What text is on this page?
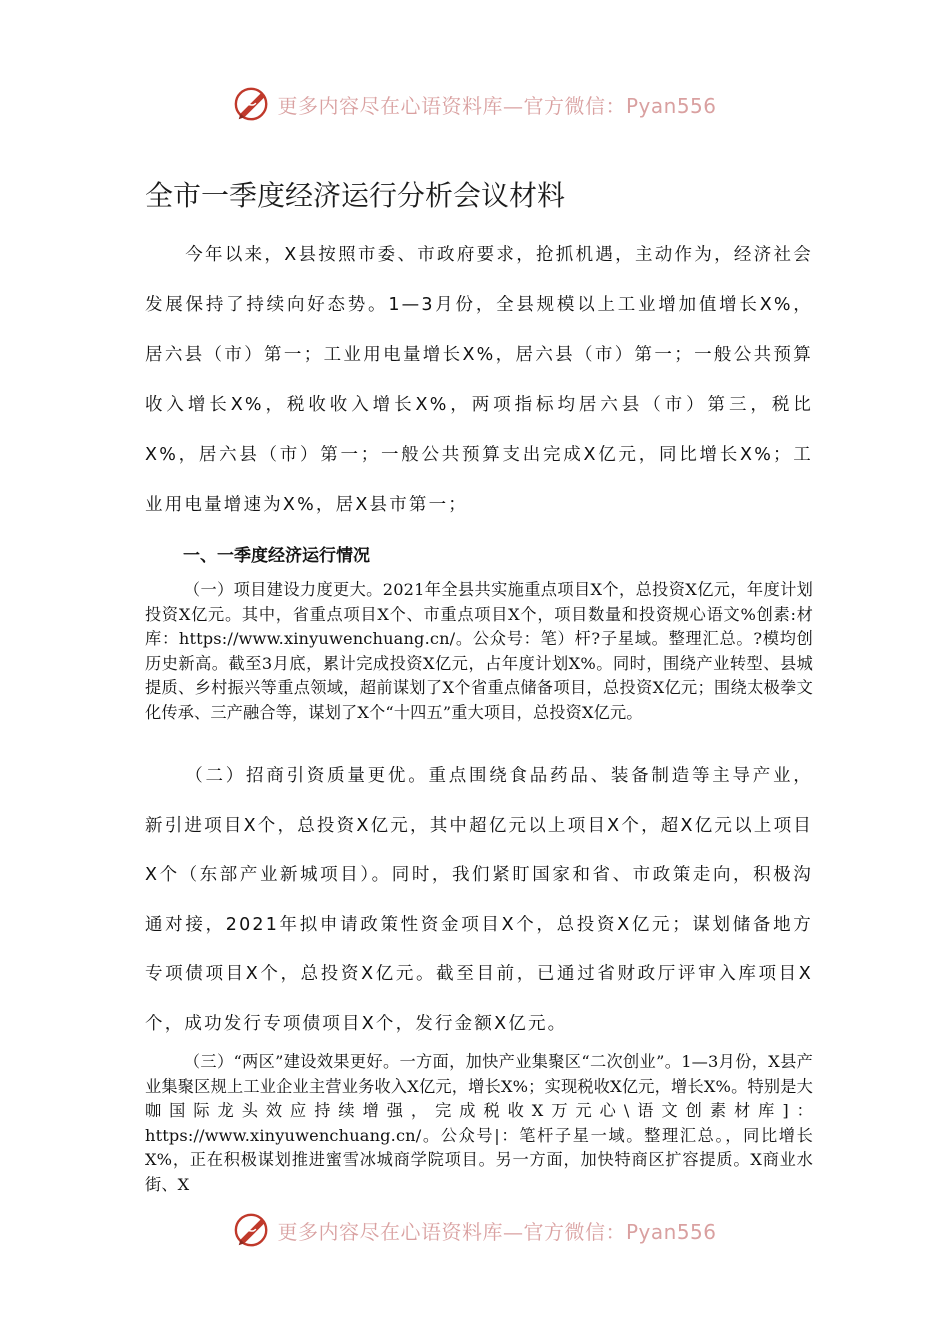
更多内容尽在心语资料库—官方微信：Pyan556
全市一季度经济运行分析会议材料

今年以来，X县按照市委、市政府要求，抢抓机遇，主动作为，经济社会发展保持了持续向好态势。1—3月份，全县规模以上工业增加值增长X%，居六县（市）第一；工业用电量增长X%，居六县（市）第一；一般公共预算收入增长X%，税收收入增长X%，两项指标均居六县（市）第三，税比X%，居六县（市）第一；一般公共预算支出完成X亿元，同比增长X%；工业用电量增速为X%，居X县市第一；

一、一季度经济运行情况

（一）项目建设力度更大。2021年全县共实施重点项目X个，总投资X亿元，年度计划投资X亿元。其中，省重点项目X个、市重点项目X个，项目数量和投资规心语文%创素:材库：https://www.xinyuwenchuang.cn/。公众号：笔）杆?子星域。整理汇总。?模均创历史新高。截至3月底，累计完成投资X亿元，占年度计划X%。同时，围绕产业转型、县城提质、乡村振兴等重点领域，超前谋划了X个省重点储备项目，总投资X亿元；围绕太极拳文化传承、三产融合等，谋划了X个“十四五”重大项目，总投资X亿元。

（二）招商引资质量更优。重点围绕食品药品、装备制造等主导产业，新引进项目X个，总投资X亿元，其中超亿元以上项目X个，超X亿元以上项目X个（东部产业新城项目）。同时，我们紧盯国家和省、市政策走向，积极沟通对接，2021年拟申请政策性资金项目X个，总投资X亿元；谋划储备地方专项债项目X个，总投资X亿元。截至目前，已通过省财政厅评审入库项目X个，成功发行专项债项目X个，发行金额X亿元。

（三）“两区”建设效果更好。一方面，加快产业集聚区“二次创业”。1—3月份，X县产业集聚区规上工业企业主营业务收入X亿元，增长X%；实现税收X亿元，增长X%。特别是大咖国际龙头效应持续增强，完成税收X万元心\语文创素材库]：https://www.xinyuwenchuang.cn/。公众号|：笔杆子星一域。整理汇总。，同比增长X%，正在积极谋划推进蜜雪冰城商学院项目。另一方面，加快特商区扩容提质。X商业水街、X

更多内容尽在心语资料库—官方微信：Pyan556
